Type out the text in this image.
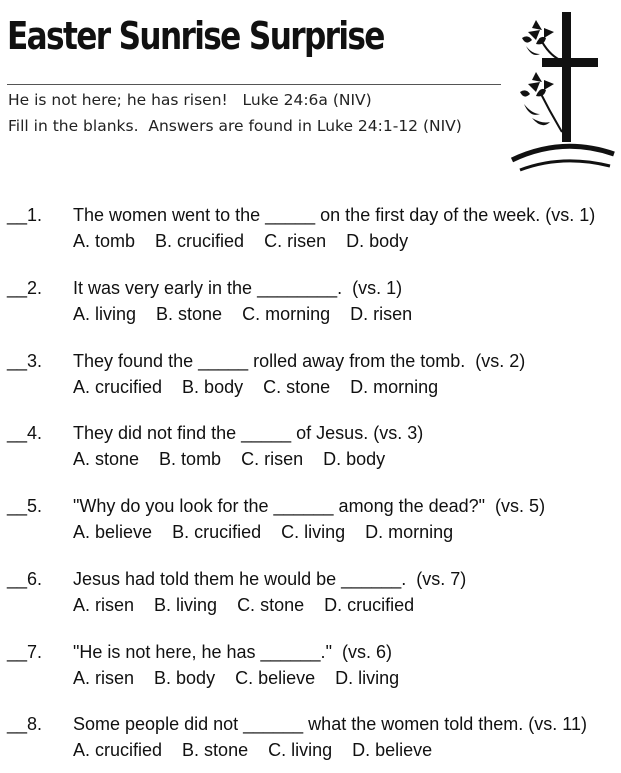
Easter Sunrise Surprise
He is not here; he has risen!   Luke 24:6a (NIV)
Fill in the blanks.  Answers are found in Luke 24:1-12 (NIV)
__1. The women went to the _____ on the first day of the week. (vs. 1)
A. tomb B. crucified C. risen D. body
__2. It was very early in the ________.  (vs. 1)
A. living B. stone C. morning D. risen
__3. They found the _____ rolled away from the tomb.  (vs. 2)
A. crucified B. body C. stone D. morning
__4. They did not find the _____ of Jesus. (vs. 3)
A. stone B. tomb C. risen D. body
__5. "Why do you look for the ______ among the dead?"  (vs. 5)
A. believe B. crucified C. living D. morning
__6. Jesus had told them he would be ______.  (vs. 7)
A. risen B. living C. stone D. crucified
__7. "He is not here, he has ______."  (vs. 6)
A. risen B. body C. believe D. living
__8. Some people did not ______ what the women told them. (vs. 11)
A. crucified B. stone C. living D. believe
